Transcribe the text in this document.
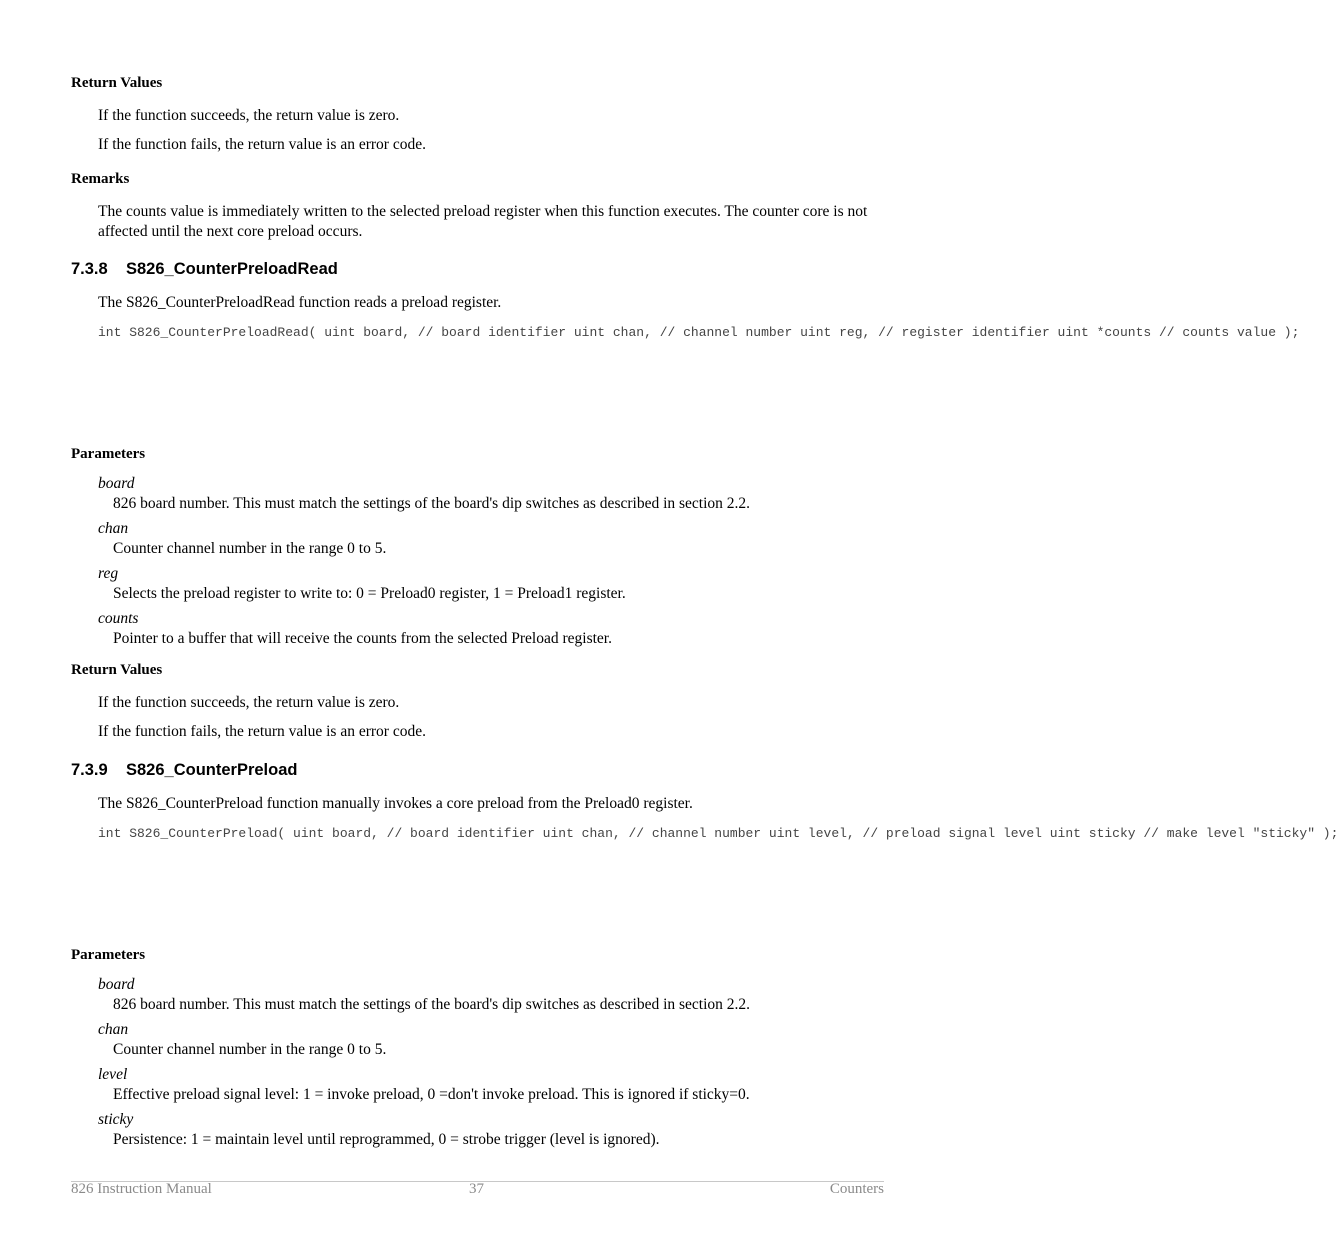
Return Values
If the function succeeds, the return value is zero.
If the function fails, the return value is an error code.
Remarks
The counts value is immediately written to the selected preload register when this function executes. The counter core is not affected until the next core preload occurs.
7.3.8 S826_CounterPreloadRead
The S826_CounterPreloadRead function reads a preload register.
int S826_CounterPreloadRead( uint board, // board identifier uint chan, // channel number uint reg, // register identifier uint *counts // counts value );
Parameters
board
826 board number. This must match the settings of the board's dip switches as described in section 2.2.
chan
Counter channel number in the range 0 to 5.
reg
Selects the preload register to write to: 0 = Preload0 register, 1 = Preload1 register.
counts
Pointer to a buffer that will receive the counts from the selected Preload register.
Return Values
If the function succeeds, the return value is zero.
If the function fails, the return value is an error code.
7.3.9 S826_CounterPreload
The S826_CounterPreload function manually invokes a core preload from the Preload0 register.
int S826_CounterPreload( uint board, // board identifier uint chan, // channel number uint level, // preload signal level uint sticky // make level "sticky" );
Parameters
board
826 board number. This must match the settings of the board's dip switches as described in section 2.2.
chan
Counter channel number in the range 0 to 5.
level
Effective preload signal level: 1 = invoke preload, 0 =don't invoke preload. This is ignored if sticky=0.
sticky
Persistence: 1 = maintain level until reprogrammed, 0 = strobe trigger (level is ignored).
826 Instruction Manual	37	Counters
